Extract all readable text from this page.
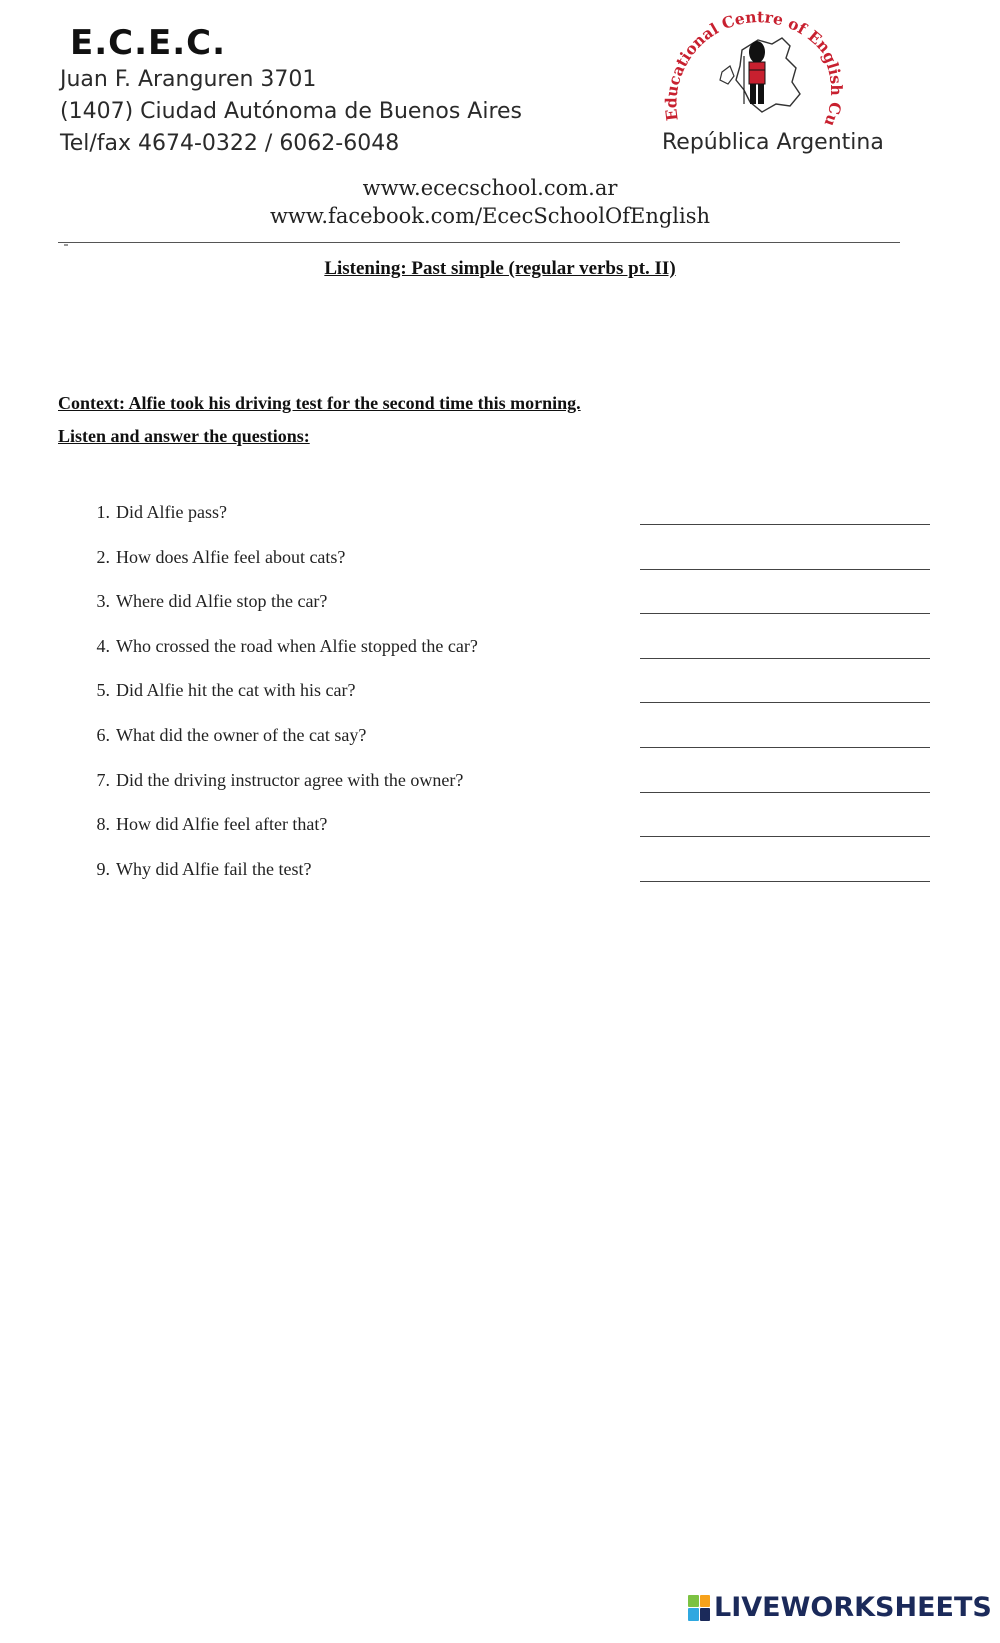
E.C.E.C.

Juan F. Aranguren 3701

(1407) Ciudad Autónoma de Buenos Aires

Tel/fax 4674-0322 / 6062-6048

Educational Centre of English Cu
República Argentina
www.ececschool.com.ar
www.facebook.com/EcecSchoolOfEnglish
Listening: Past simple (regular verbs pt. II)
Context: Alfie took his driving test for the second time this morning.
Listen and answer the questions:
1. Did Alfie pass?
2. How does Alfie feel about cats?
3. Where did Alfie stop the car?
4. Who crossed the road when Alfie stopped the car?
5. Did Alfie hit the cat with his car?
6. What did the owner of the cat say?
7. Did the driving instructor agree with the owner?
8. How did Alfie feel after that?
9. Why did Alfie fail the test?
LIVEWORKSHEETS
